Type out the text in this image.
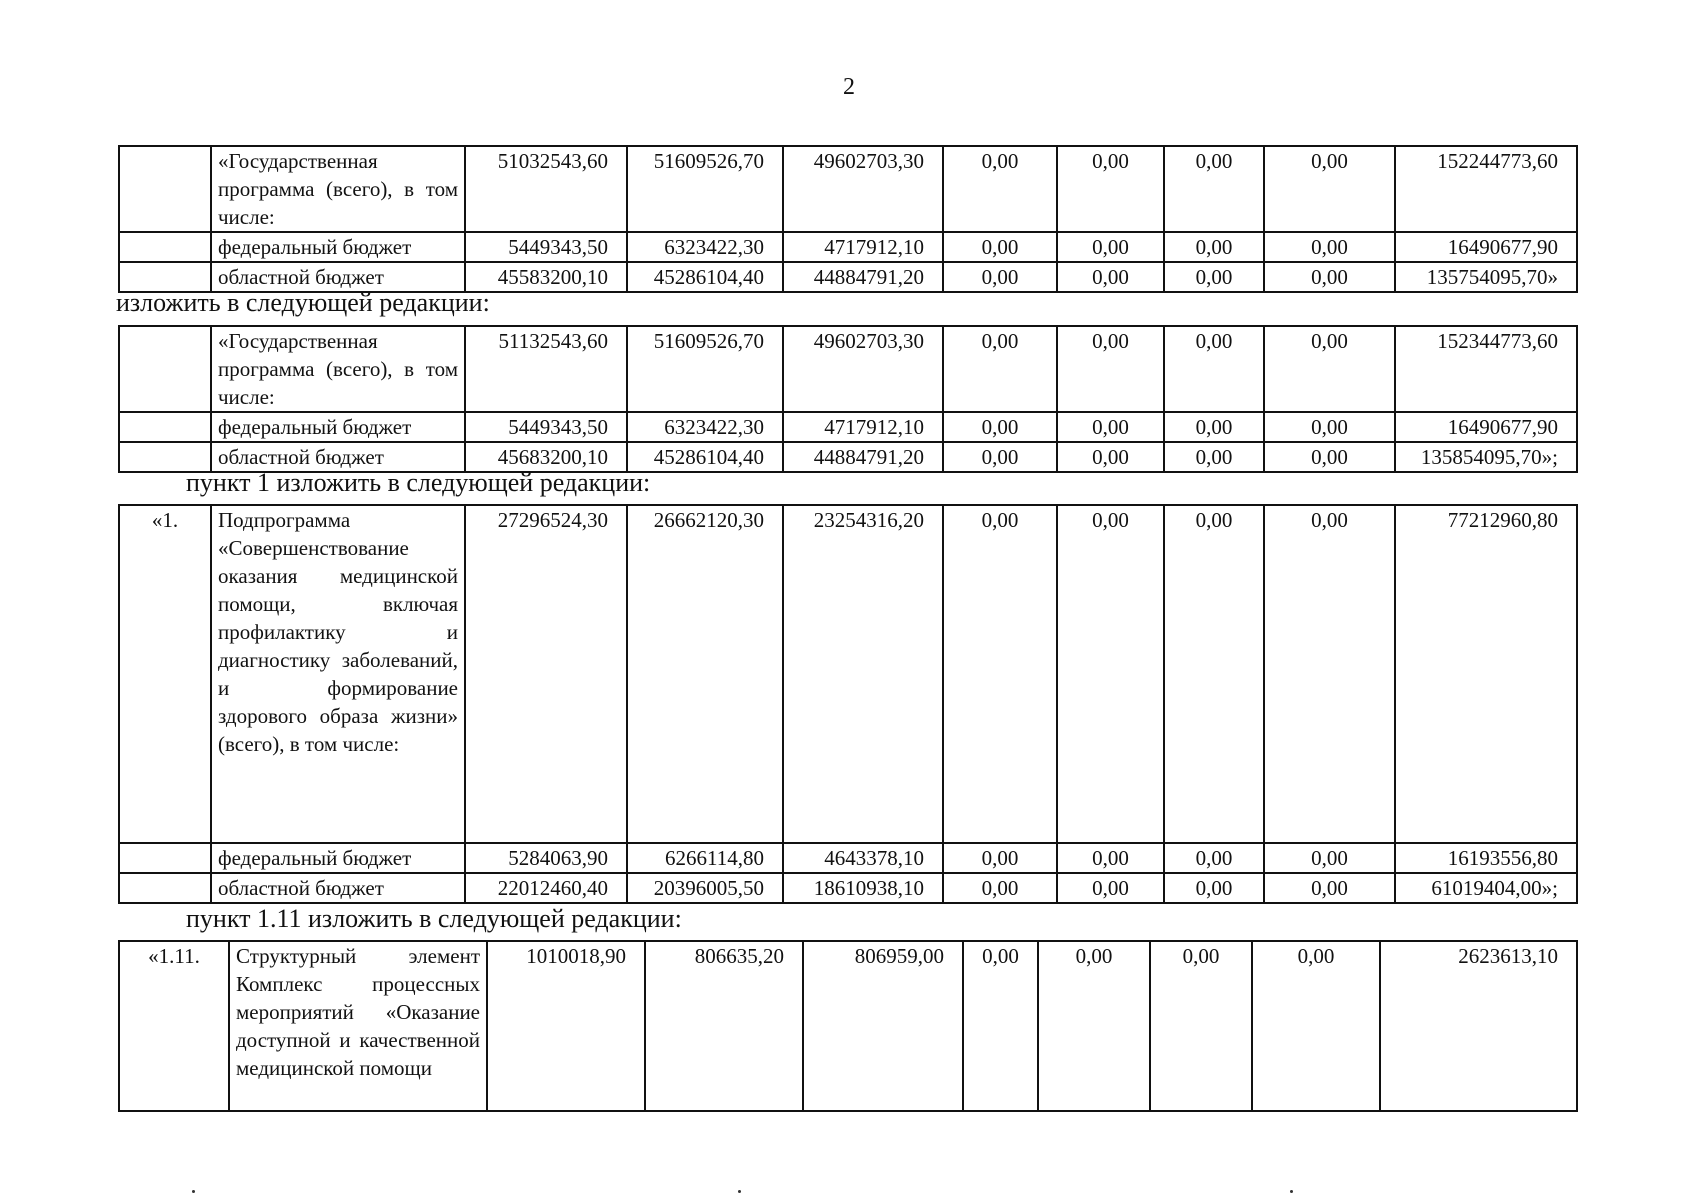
2
	«Государственная программа (всего), в том числе:	51032543,60	51609526,70	49602703,30	0,00	0,00	0,00	0,00	152244773,60
	федеральный бюджет	5449343,50	6323422,30	4717912,10	0,00	0,00	0,00	0,00	16490677,90
	областной бюджет	45583200,10	45286104,40	44884791,20	0,00	0,00	0,00	0,00	135754095,70»
изложить в следующей редакции:
	«Государственная программа (всего), в том числе:	51132543,60	51609526,70	49602703,30	0,00	0,00	0,00	0,00	152344773,60
	федеральный бюджет	5449343,50	6323422,30	4717912,10	0,00	0,00	0,00	0,00	16490677,90
	областной бюджет	45683200,10	45286104,40	44884791,20	0,00	0,00	0,00	0,00	135854095,70»;
пункт 1 изложить в следующей редакции:
«1.	Подпрограмма «Совершенствование оказания медицинской помощи, включая профилактику и диагностику заболеваний, и формирование здорового образа жизни» (всего), в том числе:	27296524,30	26662120,30	23254316,20	0,00	0,00	0,00	0,00	77212960,80
	федеральный бюджет	5284063,90	6266114,80	4643378,10	0,00	0,00	0,00	0,00	16193556,80
	областной бюджет	22012460,40	20396005,50	18610938,10	0,00	0,00	0,00	0,00	61019404,00»;
пункт 1.11 изложить в следующей редакции:
«1.11.	Структурный элемент Комплекс процессных мероприятий «Оказание доступной и качественной медицинской помощи	1010018,90	806635,20	806959,00	0,00	0,00	0,00	0,00	2623613,10
